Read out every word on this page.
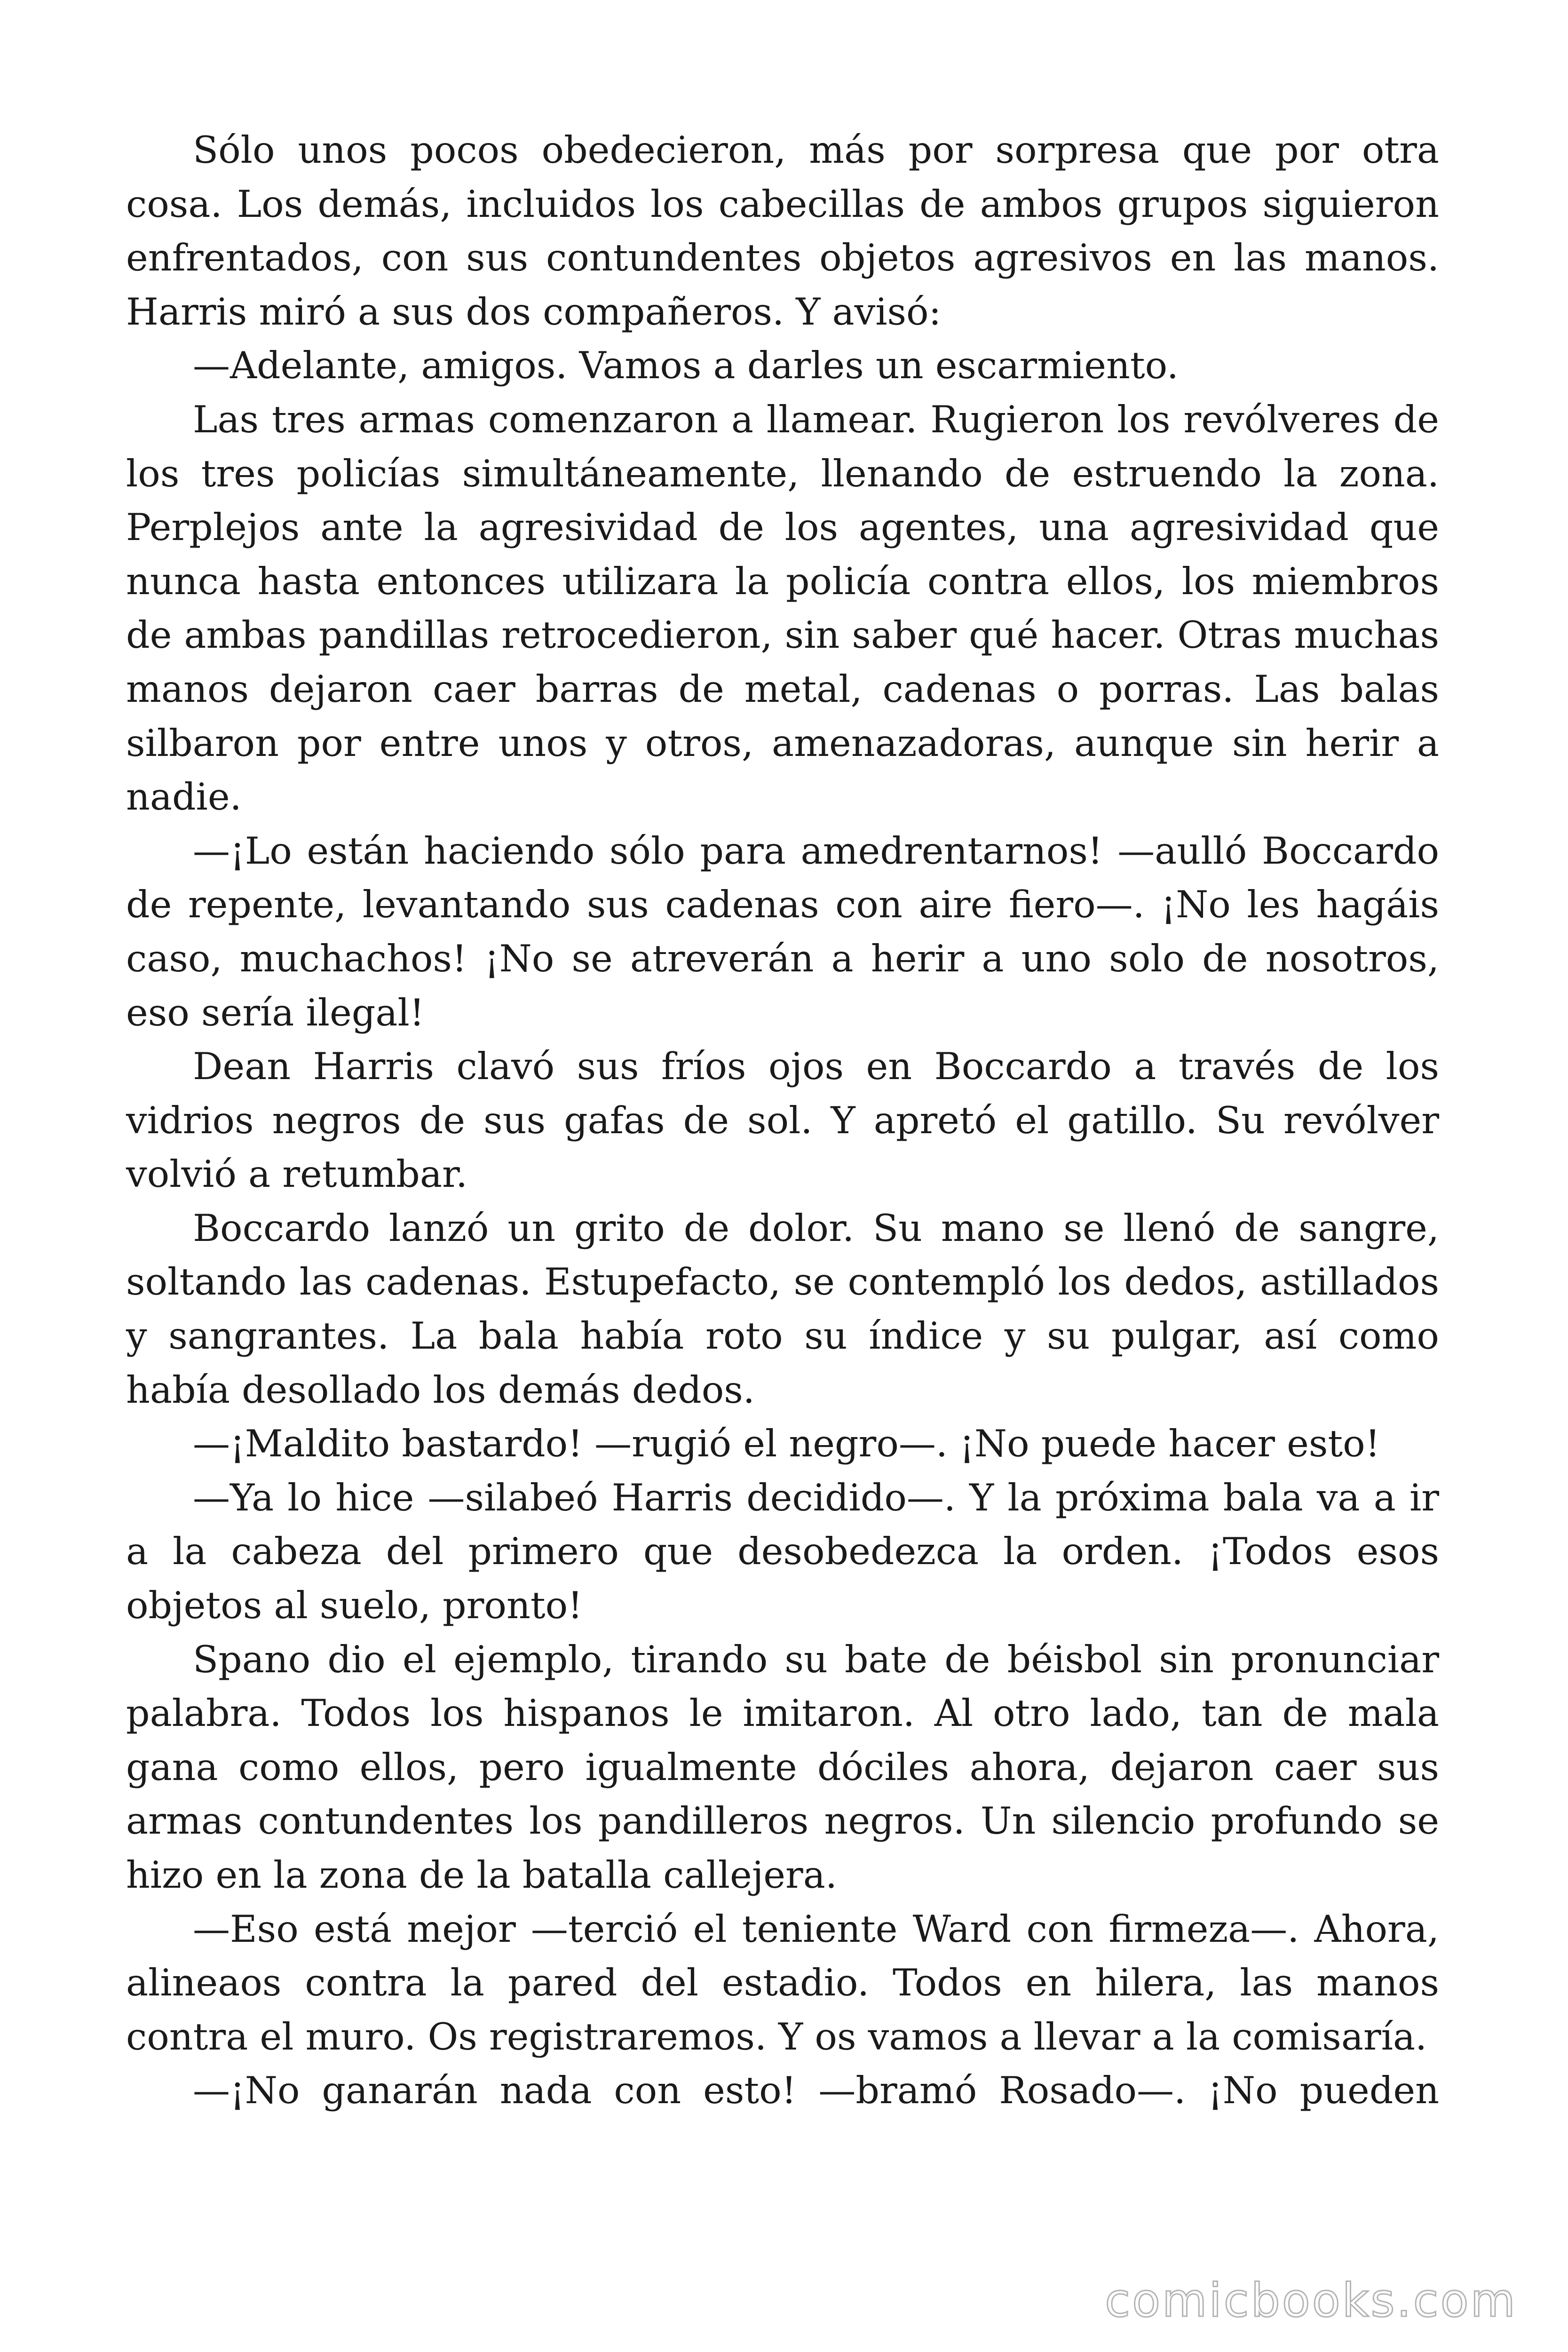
Sólo unos pocos obedecieron, más por sorpresa que por otra cosa. Los demás, incluidos los cabecillas de ambos grupos siguieron enfrentados, con sus contundentes objetos agresivos en las manos. Harris miró a sus dos compañeros. Y avisó:

—Adelante, amigos. Vamos a darles un escarmiento.

Las tres armas comenzaron a llamear. Rugieron los revólveres de los tres policías simultáneamente, llenando de estruendo la zona. Perplejos ante la agresividad de los agentes, una agresividad que nunca hasta entonces utilizara la policía contra ellos, los miembros de ambas pandillas retrocedieron, sin saber qué hacer. Otras muchas manos dejaron caer barras de metal, cadenas o porras. Las balas silbaron por entre unos y otros, amenazadoras, aunque sin herir a nadie.

—¡Lo están haciendo sólo para amedrentarnos! —aulló Boccardo de repente, levantando sus cadenas con aire fiero—. ¡No les hagáis caso, muchachos! ¡No se atreverán a herir a uno solo de nosotros, eso sería ilegal!

Dean Harris clavó sus fríos ojos en Boccardo a través de los vidrios negros de sus gafas de sol. Y apretó el gatillo. Su revólver volvió a retumbar.

Boccardo lanzó un grito de dolor. Su mano se llenó de sangre, soltando las cadenas. Estupefacto, se contempló los dedos, astillados y sangrantes. La bala había roto su índice y su pulgar, así como había desollado los demás dedos.

—¡Maldito bastardo! —rugió el negro—. ¡No puede hacer esto!

—Ya lo hice —silabeó Harris decidido—. Y la próxima bala va a ir a la cabeza del primero que desobedezca la orden. ¡Todos esos objetos al suelo, pronto!

Spano dio el ejemplo, tirando su bate de béisbol sin pronunciar palabra. Todos los hispanos le imitaron. Al otro lado, tan de mala gana como ellos, pero igualmente dóciles ahora, dejaron caer sus armas contundentes los pandilleros negros. Un silencio profundo se hizo en la zona de la batalla callejera.

—Eso está mejor —terció el teniente Ward con firmeza—. Ahora, alineaos contra la pared del estadio. Todos en hilera, las manos contra el muro. Os registraremos. Y os vamos a llevar a la comisaría.

—¡No ganarán nada con esto! —bramó Rosado—. ¡No pueden

comicbooks.com
